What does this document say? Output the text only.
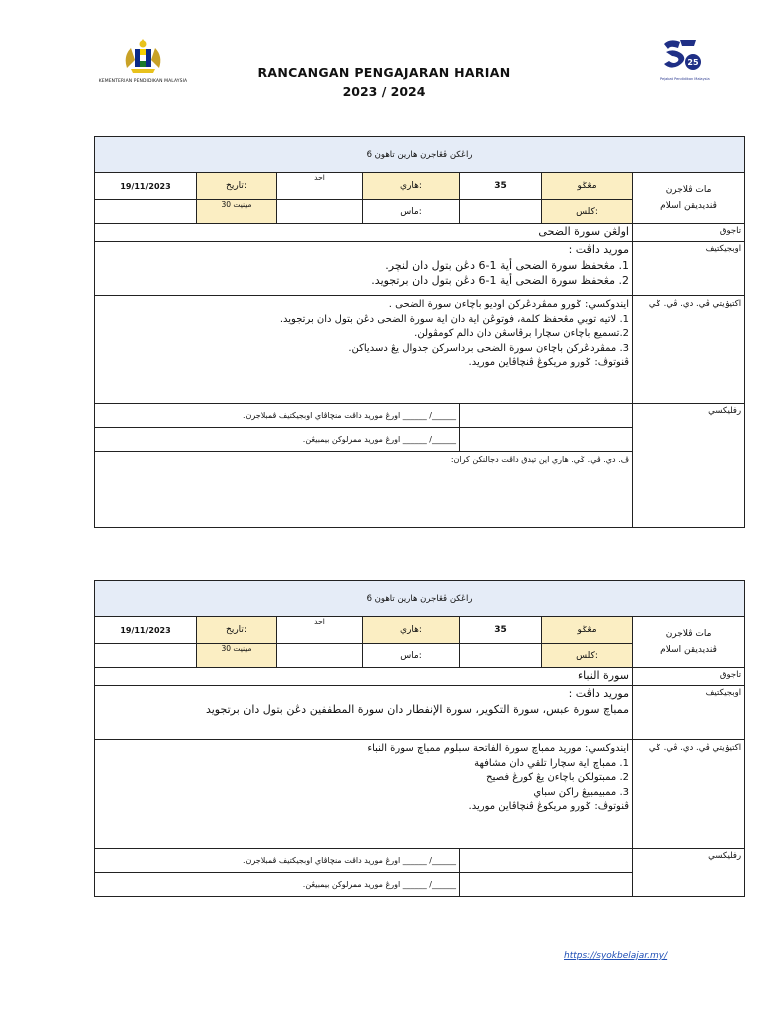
KEMENTERIAN PENDIDIKAN MALAYSIA
25
Pejabat Pendidikan Malaysia
RANCANGAN PENGAJARAN HARIAN
2023 / 2024
راڠکن ڤڠاجرن هارين تاهون 6						
19/11/2023	تاريخ:	احد	هاري:	35	مڠݢو	مات ڤلاجرن
ڤنديديقن اسلام

	30 مينيت		ماس:		کلس:	
اولڠن سورة الضحى						تاجوق

موريد داڤت :
1. مڠحفظ سورة الضحى أية 1-6 دڠن بتول دان لنچر.
2. مڠحفظ سورة الضحى أية 1-6 دڠن بتول دان برتجويد.						اوبجيکتيف

ايندوکسي: ݢورو ممڤردڠرکن اوديو باچاءن سورة الضحى .
1. لاتيه توبي مڠحفظ کلمة، فوتوڠن اية دان اية سورة الضحى دڠن بتول دان برتجويد.
2.تسميع باچاءن سچارا برڤاسڠن دان دالم کومڤولن.
3. ممڤردڠرکن باچاءن سورة الضحى برداسرکن جدوال يڠ دسدياکن.
ڤنوتوڤ: ݢورو مريکوڠ ڤنچاڤاين موريد.						اکتيۏيتي ڤي. دي. ڤي. ݢي
______/ ______ اورڠ موريد داڤت منچاڤاي اوبجيکتيف ڤمبلاجرن.						رفليکسي
______/ ______ اورڠ موريد ممرلوکن بيمبيڠن.						
ڤ. دي. ڤي. ݢي. هاري اين تيدق داڤت دجالنکن کران:						
راڠکن ڤڠاجرن هارين تاهون 6						
19/11/2023	تاريخ:	احد	هاري:	35	مڠݢو	مات ڤلاجرن
ڤنديديقن اسلام

	30 مينيت		ماس:		کلس:	
سورة النباء						تاجوق

موريد داڤت :
ممباچ سورة عبس، سورة التكوير، سورة الإنفطار دان سورة المطففين دڠن بتول دان برتجويد						اوبجيکتيف

ايندوکسي: موريد ممباچ سورة الفاتحة سبلوم ممباچ سورة النباء
1. ممباچ اية سچارا تلقي دان مشافهة
2. ممبتولکن باچاءن يڠ کورڠ فصيح
3. ممبيمبيڠ راکن سباي
ڤنوتوڤ: ݢورو مريکوڠ ڤنچاڤاين موريد.						اکتيۏيتي ڤي. دي. ڤي. ݢي
______/ ______ اورڠ موريد داڤت منچاڤاي اوبجيکتيف ڤمبلاجرن.						رفليکسي
______/ ______ اورڠ موريد ممرلوکن بيمبيڠن.						
https://syokbelajar.my/
